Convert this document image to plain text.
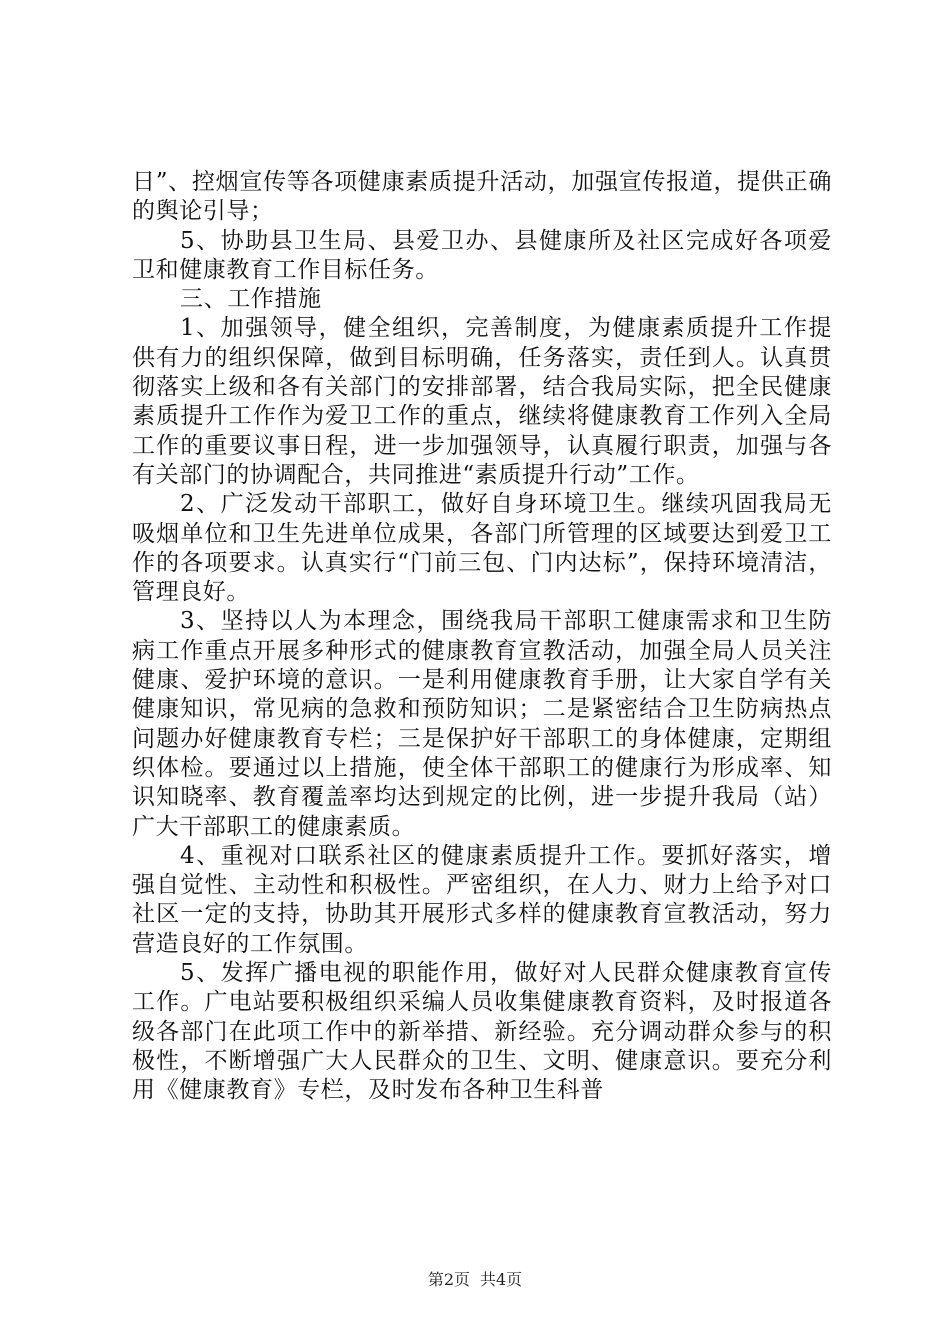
日”、控烟宣传等各项健康素质提升活动，加强宣传报道，提供正确的舆论引导；

5、协助县卫生局、县爱卫办、县健康所及社区完成好各项爱卫和健康教育工作目标任务。

三、工作措施

1、加强领导，健全组织，完善制度，为健康素质提升工作提供有力的组织保障，做到目标明确，任务落实，责任到人。认真贯彻落实上级和各有关部门的安排部署，结合我局实际，把全民健康素质提升工作作为爱卫工作的重点，继续将健康教育工作列入全局工作的重要议事日程，进一步加强领导，认真履行职责，加强与各有关部门的协调配合，共同推进“素质提升行动”工作。

2、广泛发动干部职工，做好自身环境卫生。继续巩固我局无吸烟单位和卫生先进单位成果，各部门所管理的区域要达到爱卫工作的各项要求。认真实行“门前三包、门内达标”，保持环境清洁，管理良好。

3、坚持以人为本理念，围绕我局干部职工健康需求和卫生防病工作重点开展多种形式的健康教育宣教活动，加强全局人员关注健康、爱护环境的意识。一是利用健康教育手册，让大家自学有关健康知识，常见病的急救和预防知识；二是紧密结合卫生防病热点问题办好健康教育专栏；三是保护好干部职工的身体健康，定期组织体检。要通过以上措施，使全体干部职工的健康行为形成率、知识知晓率、教育覆盖率均达到规定的比例，进一步提升我局（站）广大干部职工的健康素质。

4、重视对口联系社区的健康素质提升工作。要抓好落实，增强自觉性、主动性和积极性。严密组织，在人力、财力上给予对口社区一定的支持，协助其开展形式多样的健康教育宣教活动，努力营造良好的工作氛围。

5、发挥广播电视的职能作用，做好对人民群众健康教育宣传工作。广电站要积极组织采编人员收集健康教育资料，及时报道各级各部门在此项工作中的新举措、新经验。充分调动群众参与的积极性，不断增强广大人民群众的卫生、文明、健康意识。要充分利用《健康教育》专栏，及时发布各种卫生科普

第2页 共4页
